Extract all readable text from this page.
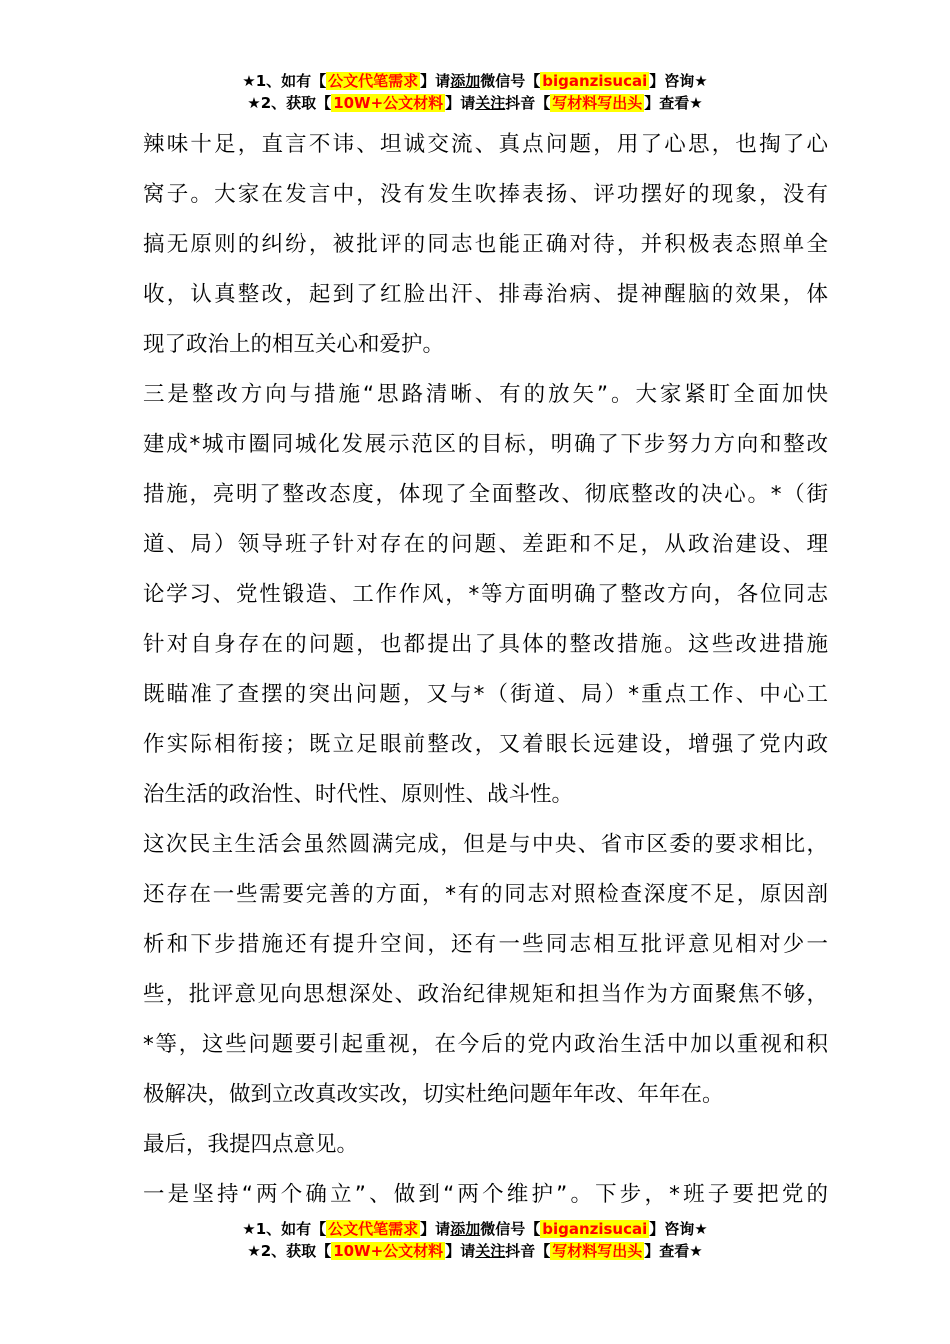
★1、如有【 公文代笔需求 】请添加微信号【 biganzisucai 】咨询★
★2、获取【 10W+公文材料 】请关注抖音【 写材料写出头 】查看★

辣味十足，直言不讳、坦诚交流、真点问题，用了心思，也掏了心

窝子。大家在发言中，没有发生吹捧表扬、评功摆好的现象，没有

搞无原则的纠纷，被批评的同志也能正确对待，并积极表态照单全

收，认真整改，起到了红脸出汗、排毒治病、提神醒脑的效果，体

现了政治上的相互关心和爱护。

三是整改方向与措施“思路清晰、有的放矢”。大家紧盯全面加快

建成*城市圈同城化发展示范区的目标，明确了下步努力方向和整改

措施，亮明了整改态度，体现了全面整改、彻底整改的决心。*（街

道、局）领导班子针对存在的问题、差距和不足，从政治建设、理

论学习、党性锻造、工作作风，*等方面明确了整改方向，各位同志

针对自身存在的问题，也都提出了具体的整改措施。这些改进措施

既瞄准了查摆的突出问题，又与*（街道、局）*重点工作、中心工

作实际相衔接；既立足眼前整改，又着眼长远建设，增强了党内政

治生活的政治性、时代性、原则性、战斗性。

这次民主生活会虽然圆满完成，但是与中央、省市区委的要求相比，

还存在一些需要完善的方面，*有的同志对照检查深度不足，原因剖

析和下步措施还有提升空间，还有一些同志相互批评意见相对少一

些，批评意见向思想深处、政治纪律规矩和担当作为方面聚焦不够，

*等，这些问题要引起重视，在今后的党内政治生活中加以重视和积

极解决，做到立改真改实改，切实杜绝问题年年改、年年在。

最后，我提四点意见。

一是坚持“两个确立”、做到“两个维护”。下步，*班子要把党的

★1、如有【 公文代笔需求 】请添加微信号【 biganzisucai 】咨询★
★2、获取【 10W+公文材料 】请关注抖音【 写材料写出头 】查看★
